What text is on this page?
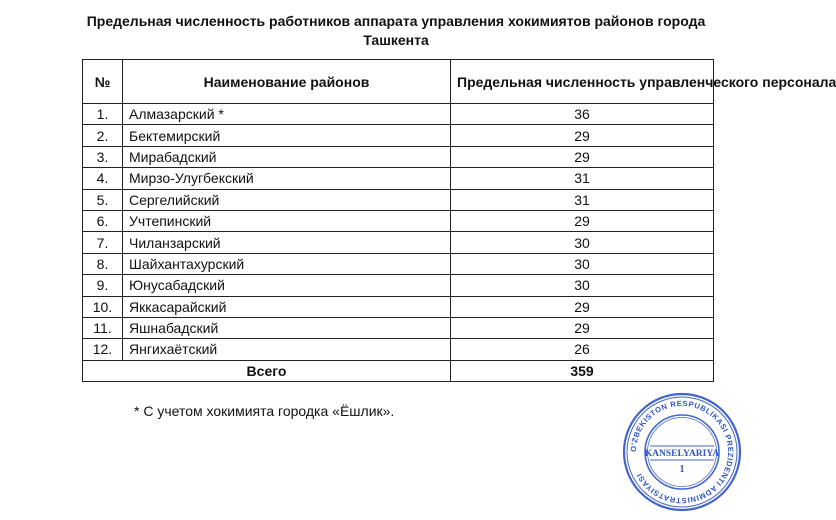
Предельная численность работников аппарата управления хокимиятов районов города Ташкента
№	Наименование районов	Предельная численность управленческого персонала
1.	Алмазарский *	36
2.	Бектемирский	29
3.	Мирабадский	29
4.	Мирзо-Улугбекский	31
5.	Сергелийский	31
6.	Учтепинский	29
7.	Чиланзарский	30
8.	Шайхантахурский	30
9.	Юнусабадский	30
10.	Яккасарайский	29
11.	Яшнабадский	29
12.	Янгихаётский	26
Всего		359
* С учетом хокимията городка «Ёшлик».
O'ZBEKISTON RESPUBLIKASI PREZIDENTI ADMINISTRATSIYASI
KANSELYARIYA
1
